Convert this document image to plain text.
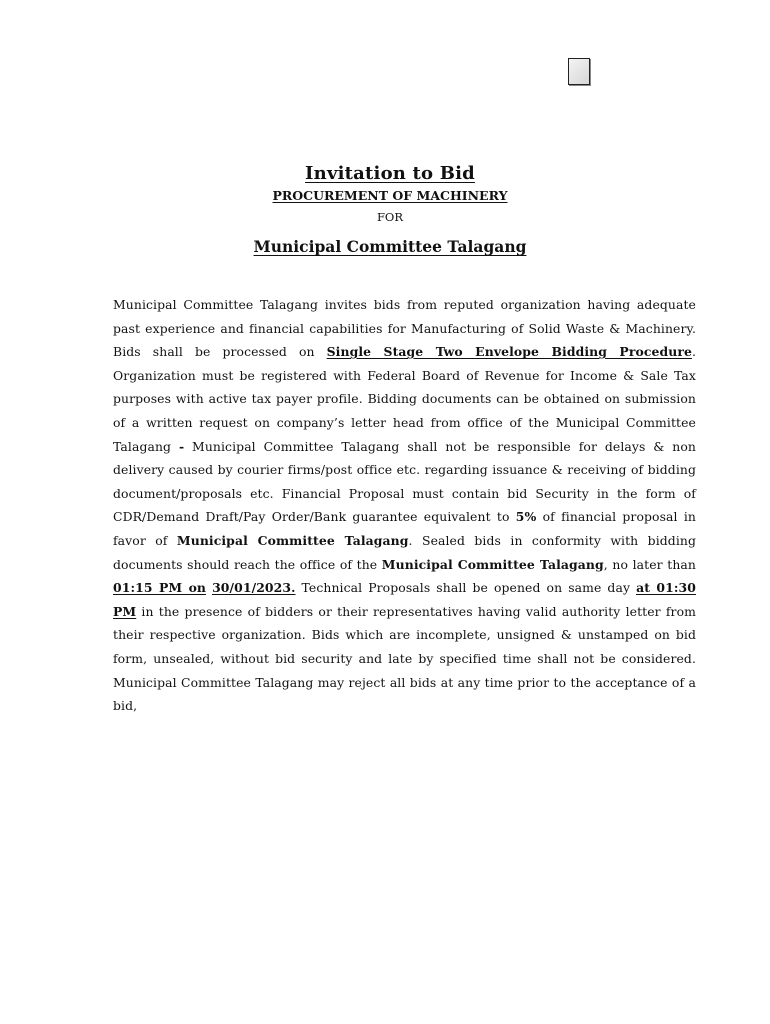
Invitation to Bid
PROCUREMENT OF MACHINERY
FOR
Municipal Committee Talagang
Municipal Committee Talagang invites bids from reputed organization having adequate past experience and financial capabilities for Manufacturing of Solid Waste & Machinery. Bids shall be processed on Single Stage Two Envelope Bidding Procedure. Organization must be registered with Federal Board of Revenue for Income & Sale Tax purposes with active tax payer profile. Bidding documents can be obtained on submission of a written request on company’s letter head from office of the Municipal Committee Talagang - Municipal Committee Talagang shall not be responsible for delays & non delivery caused by courier firms/post office etc. regarding issuance & receiving of bidding document/proposals etc. Financial Proposal must contain bid Security in the form of CDR/Demand Draft/Pay Order/Bank guarantee equivalent to 5% of financial proposal in favor of Municipal Committee Talagang. Sealed bids in conformity with bidding documents should reach the office of the Municipal Committee Talagang, no later than 01:15 PM on 30/01/2023. Technical Proposals shall be opened on same day at 01:30 PM in the presence of bidders or their representatives having valid authority letter from their respective organization. Bids which are incomplete, unsigned & unstamped on bid form, unsealed, without bid security and late by specified time shall not be considered. Municipal Committee Talagang may reject all bids at any time prior to the acceptance of a bid,
